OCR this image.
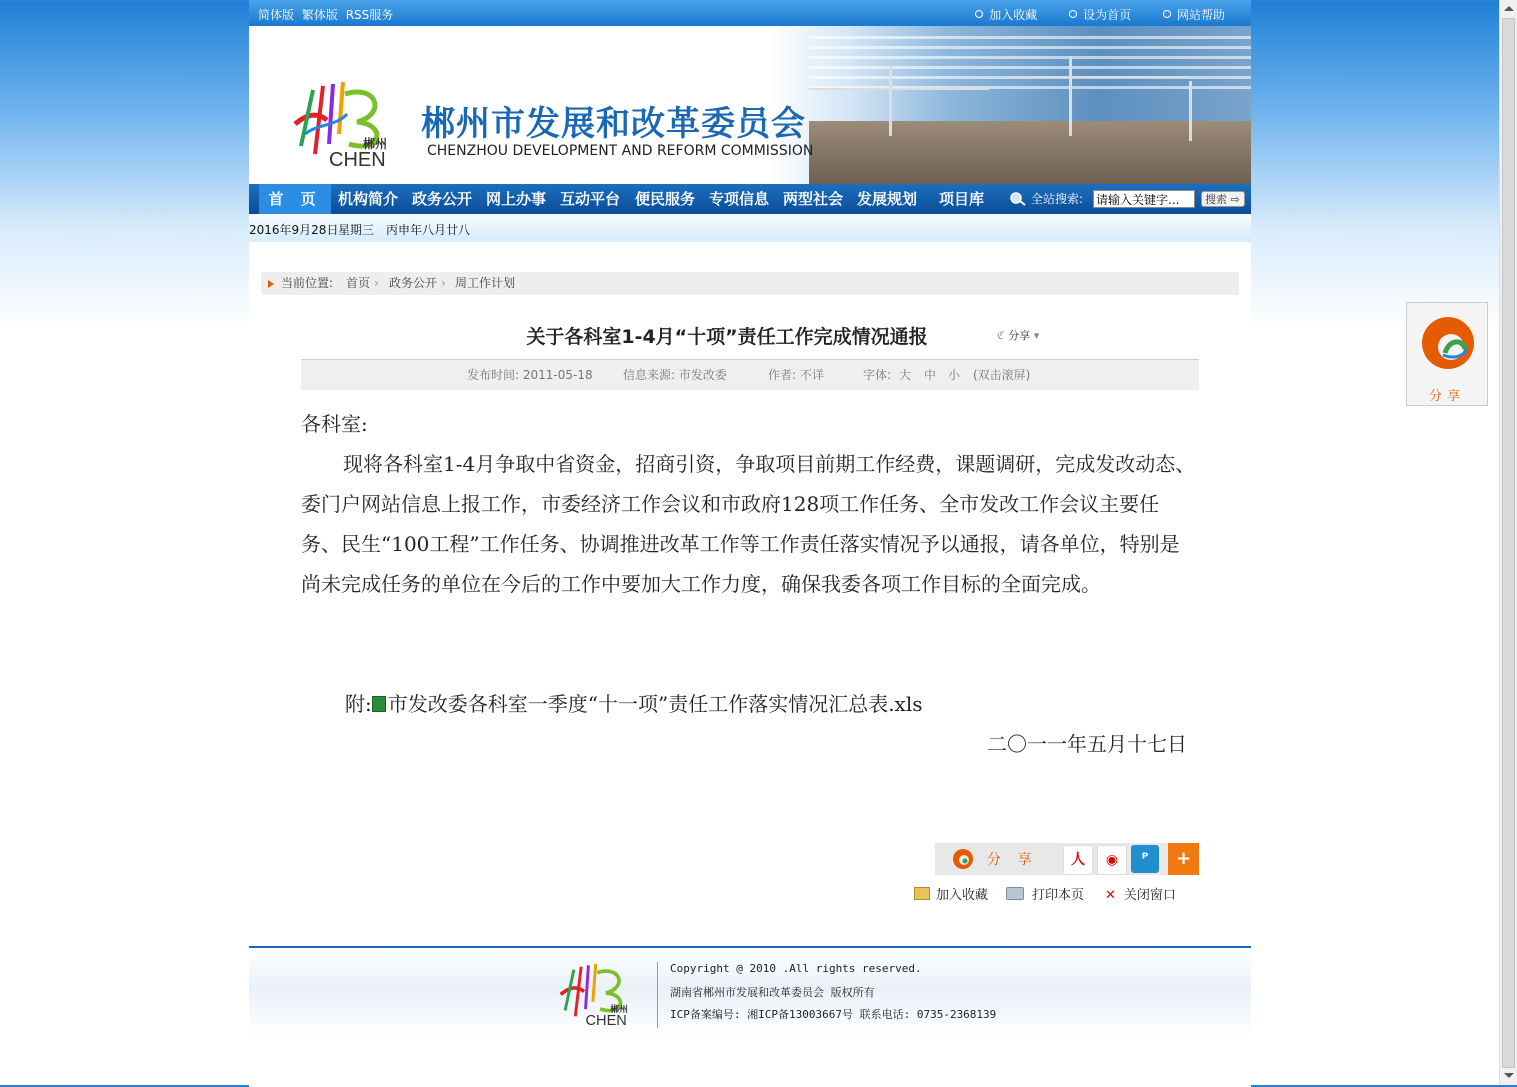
简体版 繁体版 RSS服务	加入收藏	设为首页	网站帮助
郴州
CHEN
郴州市发展和改革委员会
CHENZHOU DEVELOPMENT AND REFORM COMMISSION
首 页	机构简介 政务公开 网上办事 互动平台 便民服务 专项信息 两型社会 发展规划 项目库	全站搜索:
请输入关键字...	搜索 ⇨
2016年9月28日 星期三 丙申年八月廿八
当前位置: 首页 › 政务公开 › 周工作计划
关于各科室1-4月“十项”责任工作完成情况通报	ℭ 分享 ▾
发布时间: 2011-05-18	信息来源: 市发改委	作者: 不详	字体: 大 中 小 (双击滚屏)

各科室:

现将各科室1-4月争取中省资金，招商引资，争取项目前期工作经费，课题调研，完成发改动态、委门户网站信息上报工作，市委经济工作会议和市政府128项工作任务、全市发改工作会议主要任务、民生“100工程”工作任务、协调推进改革工作等工作责任落实情况予以通报，请各单位，特别是尚未完成任务的单位在今后的工作中要加大工作力度，确保我委各项工作目标的全面完成。

附: 市发改委各科室一季度“十一项”责任工作落实情况汇总表.xls
二〇一一年五月十七日
分 享	人	◉	ᴾ	+
加入收藏	打印本页 ✕ 关闭窗口
郴州
CHEN
Copyright @ 2010 .All rights reserved.
湖南省郴州市发展和改革委员会 版权所有
ICP备案编号: 湘ICP备13003667号 联系电话: 0735-2368139
分享
